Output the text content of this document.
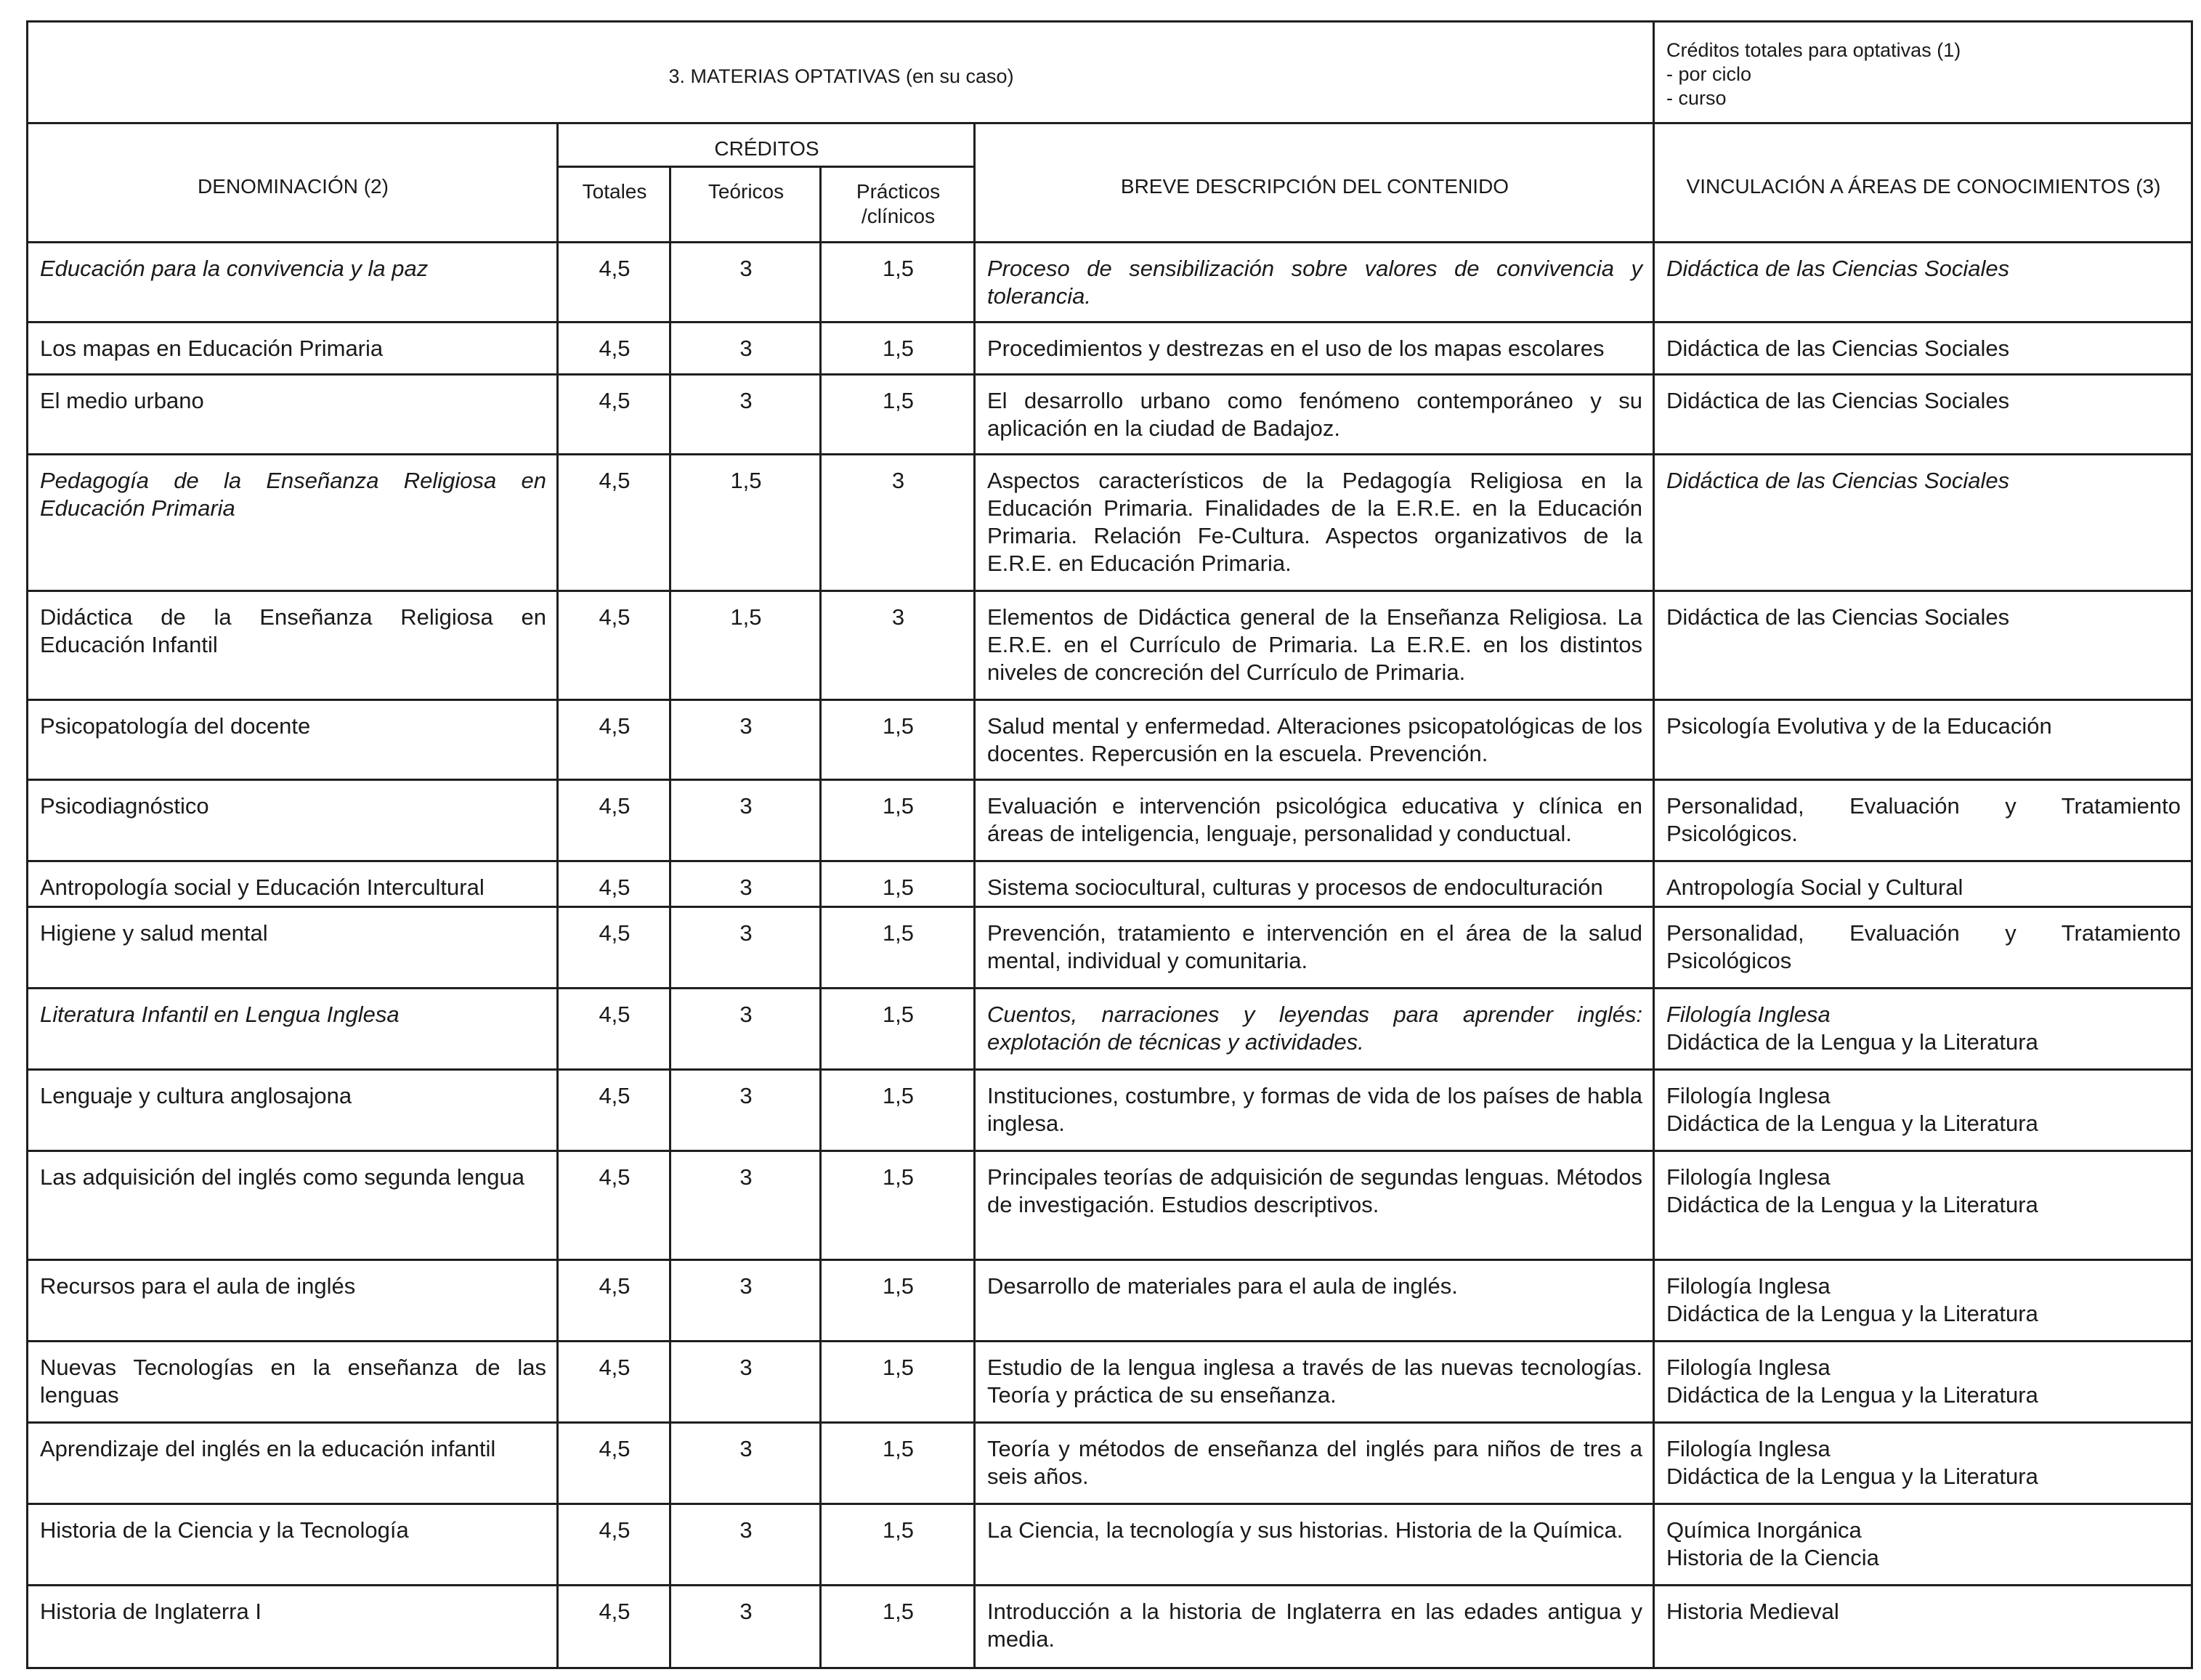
3. MATERIAS OPTATIVAS (en su caso)					Créditos totales para optativas (1)
- por ciclo
- curso

DENOMINACIÓN (2)	CRÉDITOS			BREVE DESCRIPCIÓN DEL CONTENIDO	VINCULACIÓN A ÁREAS DE CONOCIMIENTOS (3)
	Totales	Teóricos	Prácticos /clínicos		
Educación para la convivencia y la paz	4,5	3	1,5	Proceso de sensibilización sobre valores de convivencia y tolerancia.	Didáctica de las Ciencias Sociales

Los mapas en Educación Primaria	4,5	3	1,5	Procedimientos y destrezas en el uso de los mapas escolares	Didáctica de las Ciencias Sociales

El medio urbano	4,5	3	1,5	El desarrollo urbano como fenómeno contemporáneo y su aplicación en la ciudad de Badajoz.	Didáctica de las Ciencias Sociales

Pedagogía de la Enseñanza Religiosa en Educación Primaria	4,5	1,5	3	Aspectos característicos de la Pedagogía Religiosa en la Educación Primaria. Finalidades de la E.R.E. en la Educación Primaria. Relación Fe-Cultura. Aspectos organizativos de la E.R.E. en Educación Primaria.	Didáctica de las Ciencias Sociales

Didáctica de la Enseñanza Religiosa en Educación Infantil	4,5	1,5	3	Elementos de Didáctica general de la Enseñanza Religiosa. La E.R.E. en el Currículo de Primaria. La E.R.E. en los distintos niveles de concreción del Currículo de Primaria.	Didáctica de las Ciencias Sociales

Psicopatología del docente	4,5	3	1,5	Salud mental y enfermedad. Alteraciones psicopatológicas de los docentes. Repercusión en la escuela. Prevención.	Psicología Evolutiva y de la Educación

Psicodiagnóstico	4,5	3	1,5	Evaluación e intervención psicológica educativa y clínica en áreas de inteligencia, lenguaje, personalidad y conductual.	Personalidad, Evaluación y Tratamiento Psicológicos.

Antropología social y Educación Intercultural	4,5	3	1,5	Sistema sociocultural, culturas y procesos de endoculturación	Antropología Social y Cultural

Higiene y salud mental	4,5	3	1,5	Prevención, tratamiento e intervención en el área de la salud mental, individual y comunitaria.	Personalidad, Evaluación y Tratamiento Psicológicos

Literatura Infantil en Lengua Inglesa	4,5	3	1,5	Cuentos, narraciones y leyendas para aprender inglés: explotación de técnicas y actividades.	Filología Inglesa
Didáctica de la Lengua y la Literatura

Lenguaje y cultura anglosajona	4,5	3	1,5	Instituciones, costumbre, y formas de vida de los países de habla inglesa.	Filología Inglesa
Didáctica de la Lengua y la Literatura

Las adquisición del inglés como segunda lengua	4,5	3	1,5	Principales teorías de adquisición de segundas lenguas. Métodos de investigación. Estudios descriptivos.	Filología Inglesa
Didáctica de la Lengua y la Literatura

Recursos para el aula de inglés	4,5	3	1,5	Desarrollo de materiales para el aula de inglés.	Filología Inglesa
Didáctica de la Lengua y la Literatura

Nuevas Tecnologías en la enseñanza de las lenguas	4,5	3	1,5	Estudio de la lengua inglesa a través de las nuevas tecnologías. Teoría y práctica de su enseñanza.	Filología Inglesa
Didáctica de la Lengua y la Literatura

Aprendizaje del inglés en la educación infantil	4,5	3	1,5	Teoría y métodos de enseñanza del inglés para niños de tres a seis años.	Filología Inglesa
Didáctica de la Lengua y la Literatura

Historia de la Ciencia y la Tecnología	4,5	3	1,5	La Ciencia, la tecnología y sus historias. Historia de la Química.	Química Inorgánica
Historia de la Ciencia

Historia de Inglaterra I	4,5	3	1,5	Introducción a la historia de Inglaterra en las edades antigua y media.	Historia Medieval
